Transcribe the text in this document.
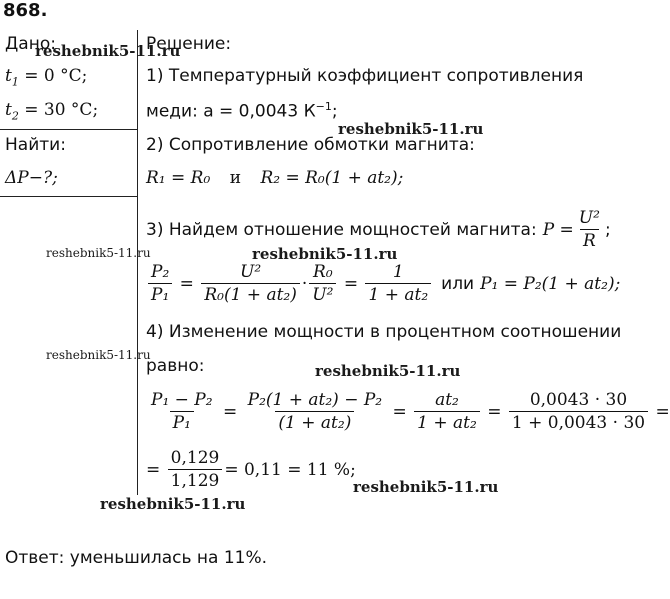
868.
Дано:
$t_1 = 0$ °C;
$t_2 = 30$ °C;
Найти:
ΔP−?;
Решение:
1) Температурный коэффициент сопротивления
меди: a = 0,0043 $К^{-1}$;
2) Сопротивление обмотки магнита:
R₁ = R₀ и R₂ = R₀(1 + at₂);
3) Найдем отношение мощностей магнита: $P = \frac{\text{U²}}{R}$ ;
$\frac{\text{P₂}}{\text{P₁}} = \frac{\text{U²}}{\text{R₀(1 + at₂)}} \cdot \frac{\text{R₀}}{\text{U²}} = \frac{1}{\text{1 + at₂}}$ или P₁ = P₂(1 + at₂);
4) Изменение мощности в процентном соотношении
равно:
$\frac{\text{P₁ − P₂}}{\text{P₁}} = \frac{\text{P₂(1 + at₂) − P₂}}{\text{(1 + at₂)}} = \frac{\text{at₂}}{\text{1 + at₂}} = \frac{0,0043 \cdot 30}{1 + 0,0043 \cdot 30}$ =
= $\frac{0,129}{1,129} = 0,11 = 11$ %;
Ответ: уменьшилась на 11%.
reshebnik5-11.ru
reshebnik5-11.ru
reshebnik5-11.ru	reshebnik5-11.ru
reshebnik5-11.ru
reshebnik5-11.ru
reshebnik5-11.ru
reshebnik5-11.ru
